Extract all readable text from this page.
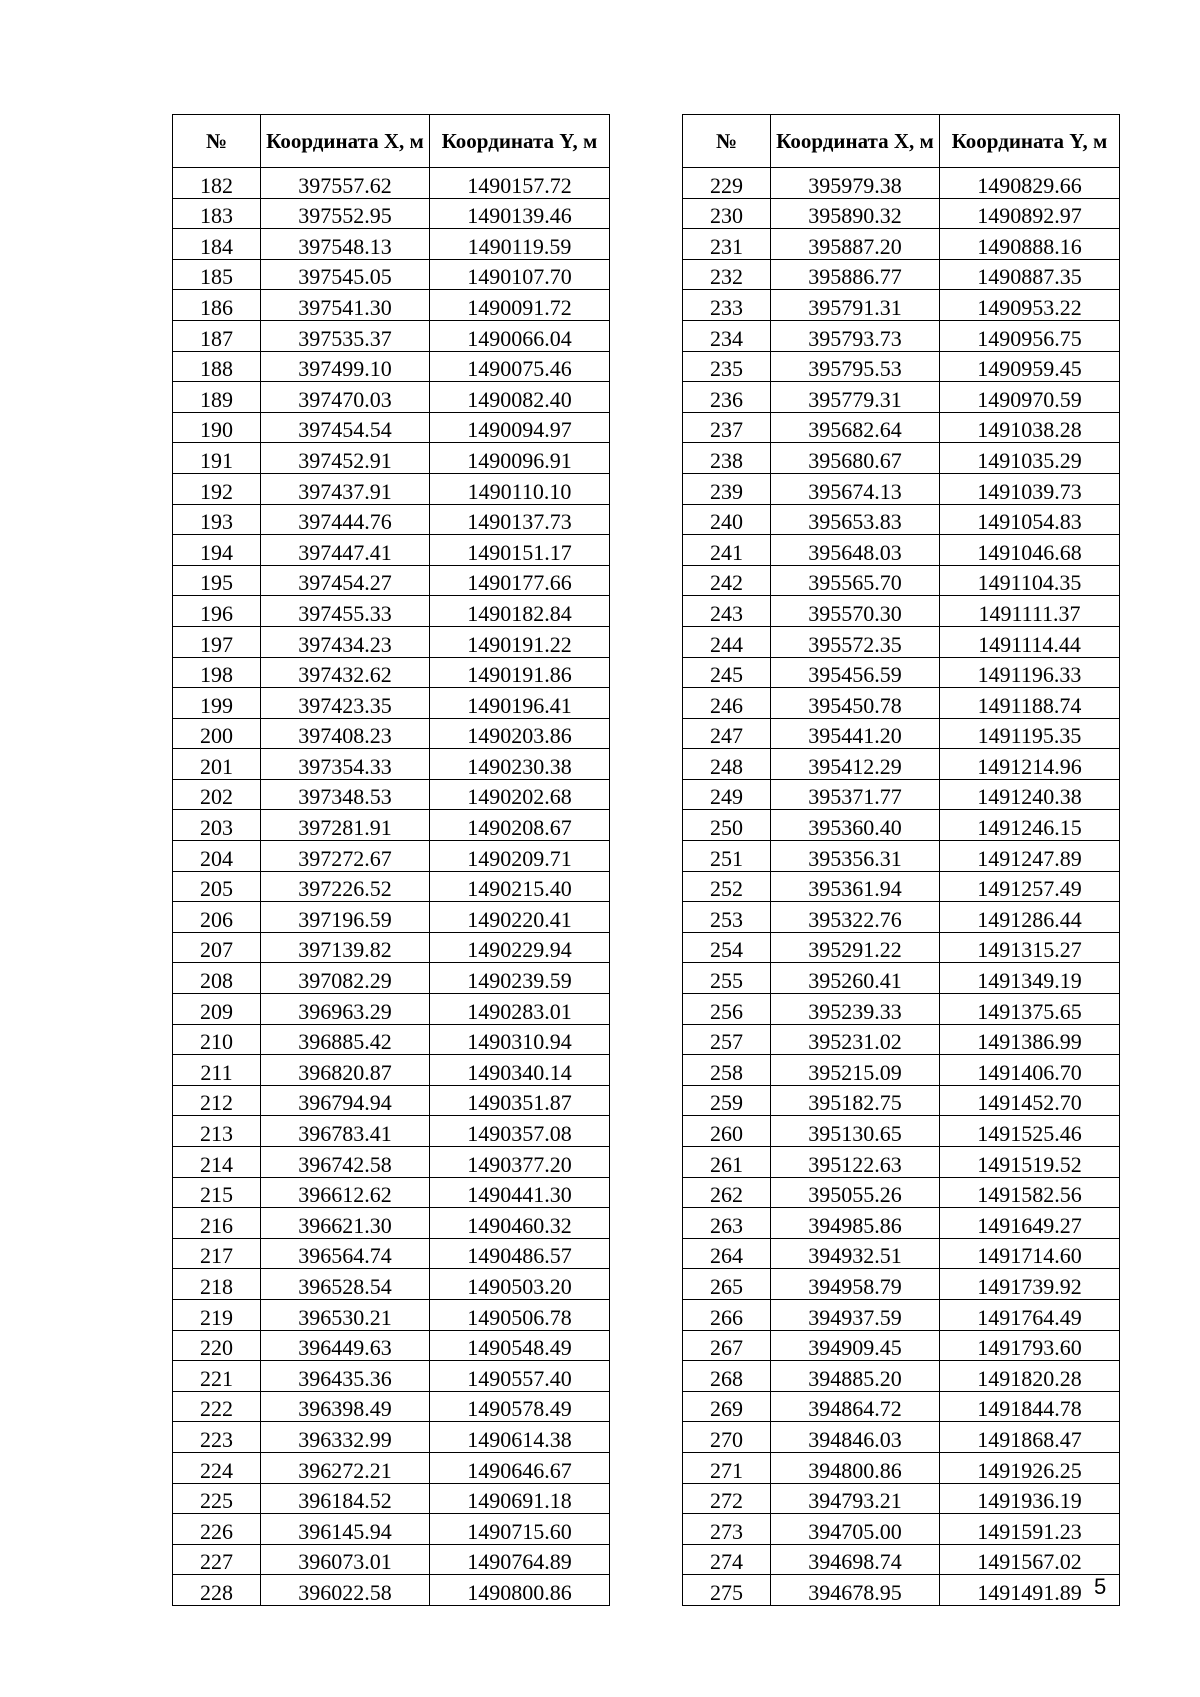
№	Координата X, м	Координата Y, м
182	397557.62	1490157.72
183	397552.95	1490139.46
184	397548.13	1490119.59
185	397545.05	1490107.70
186	397541.30	1490091.72
187	397535.37	1490066.04
188	397499.10	1490075.46
189	397470.03	1490082.40
190	397454.54	1490094.97
191	397452.91	1490096.91
192	397437.91	1490110.10
193	397444.76	1490137.73
194	397447.41	1490151.17
195	397454.27	1490177.66
196	397455.33	1490182.84
197	397434.23	1490191.22
198	397432.62	1490191.86
199	397423.35	1490196.41
200	397408.23	1490203.86
201	397354.33	1490230.38
202	397348.53	1490202.68
203	397281.91	1490208.67
204	397272.67	1490209.71
205	397226.52	1490215.40
206	397196.59	1490220.41
207	397139.82	1490229.94
208	397082.29	1490239.59
209	396963.29	1490283.01
210	396885.42	1490310.94
211	396820.87	1490340.14
212	396794.94	1490351.87
213	396783.41	1490357.08
214	396742.58	1490377.20
215	396612.62	1490441.30
216	396621.30	1490460.32
217	396564.74	1490486.57
218	396528.54	1490503.20
219	396530.21	1490506.78
220	396449.63	1490548.49
221	396435.36	1490557.40
222	396398.49	1490578.49
223	396332.99	1490614.38
224	396272.21	1490646.67
225	396184.52	1490691.18
226	396145.94	1490715.60
227	396073.01	1490764.89
228	396022.58	1490800.86
№	Координата X, м	Координата Y, м
229	395979.38	1490829.66
230	395890.32	1490892.97
231	395887.20	1490888.16
232	395886.77	1490887.35
233	395791.31	1490953.22
234	395793.73	1490956.75
235	395795.53	1490959.45
236	395779.31	1490970.59
237	395682.64	1491038.28
238	395680.67	1491035.29
239	395674.13	1491039.73
240	395653.83	1491054.83
241	395648.03	1491046.68
242	395565.70	1491104.35
243	395570.30	1491111.37
244	395572.35	1491114.44
245	395456.59	1491196.33
246	395450.78	1491188.74
247	395441.20	1491195.35
248	395412.29	1491214.96
249	395371.77	1491240.38
250	395360.40	1491246.15
251	395356.31	1491247.89
252	395361.94	1491257.49
253	395322.76	1491286.44
254	395291.22	1491315.27
255	395260.41	1491349.19
256	395239.33	1491375.65
257	395231.02	1491386.99
258	395215.09	1491406.70
259	395182.75	1491452.70
260	395130.65	1491525.46
261	395122.63	1491519.52
262	395055.26	1491582.56
263	394985.86	1491649.27
264	394932.51	1491714.60
265	394958.79	1491739.92
266	394937.59	1491764.49
267	394909.45	1491793.60
268	394885.20	1491820.28
269	394864.72	1491844.78
270	394846.03	1491868.47
271	394800.86	1491926.25
272	394793.21	1491936.19
273	394705.00	1491591.23
274	394698.74	1491567.02
275	394678.95	1491491.89 5
